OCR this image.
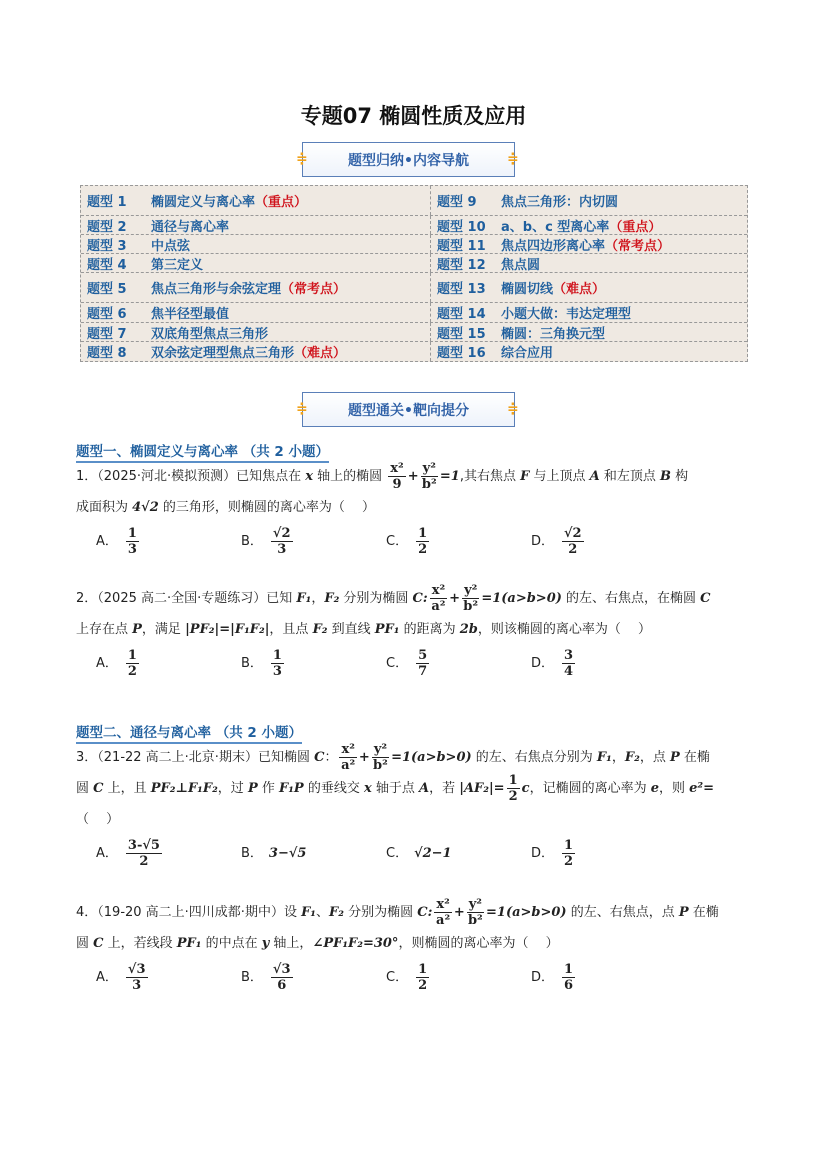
专题07 椭圆性质及应用
≑	题型归纳•内容导航	≑
题型 1	椭圆定义与离心率 （重点）	题型 9	焦点三角形：内切圆
题型 2	通径与离心率	题型 10	a、b、c 型离心率 （重点）
题型 3	中点弦	题型 11	焦点四边形离心率 （常考点）
题型 4	第三定义	题型 12	焦点圆
题型 5	焦点三角形与余弦定理 （常考点）	题型 13	椭圆切线 （难点）
题型 6	焦半径型最值	题型 14	小题大做：韦达定理型
题型 7	双底角型焦点三角形	题型 15	椭圆：三角换元型
题型 8	双余弦定理型焦点三角形 （难点）	题型 16	综合应用
≑	题型通关•靶向提分	≑
题型一、椭圆定义与离心率 （共 2 小题）
1．（2025·河北·模拟预测）已知焦点在 x 轴上的椭圆 $\frac{\text{x²}}{9} + \frac{\text{y²}}{\text{b²}} =1$,其右焦点 F 与上顶点 A 和左顶点 B 构
成面积为 4√2 的三角形，则椭圆的离心率为（　 ）
A． $\frac{1}{3}$	B． $\frac{√2}{3}$	C． $\frac{1}{2}$	D． $\frac{√2}{2}$
2．（2025 高二·全国·专题练习）已知 F₁，F₂ 分别为椭圆 C: $\frac{\text{x²}}{\text{a²}} + \frac{\text{y²}}{\text{b²}} =1(a>b>0)$ 的左、右焦点，在椭圆 C
上存在点 P，满足 |PF₂|=|F₁F₂|，且点 F₂ 到直线 PF₁ 的距离为 2b，则该椭圆的离心率为（　 ）
A． $\frac{1}{2}$	B． $\frac{1}{3}$	C． $\frac{5}{7}$	D． $\frac{3}{4}$
题型二、通径与离心率 （共 2 小题）
3．（21-22 高二上·北京·期末）已知椭圆 C： $\frac{\text{x²}}{\text{a²}} + \frac{\text{y²}}{\text{b²}} =1(a>b>0)$ 的左、右焦点分别为 F₁，F₂，点 P 在椭
圆 C 上，且 PF₂⊥F₁F₂，过 P 作 F₁P 的垂线交 x 轴于点 A，若 $|AF_2|= \frac{1}{2}$ c，记椭圆的离心率为 e，则 e²=
（　 ）
A． $\frac{3-√5}{2}$	B． 3−√5	C． √2−1	D． $\frac{1}{2}$
4．（19-20 高二上·四川成都·期中）设 F₁、F₂ 分别为椭圆 C: $\frac{\text{x²}}{\text{a²}} + \frac{\text{y²}}{\text{b²}} =1(a>b>0)$ 的左、右焦点，点 P 在椭
圆 C 上，若线段 PF₁ 的中点在 y 轴上，∠PF₁F₂=30°，则椭圆的离心率为（　 ）
A． $\frac{√3}{3}$	B． $\frac{√3}{6}$	C． $\frac{1}{2}$	D． $\frac{1}{6}$
